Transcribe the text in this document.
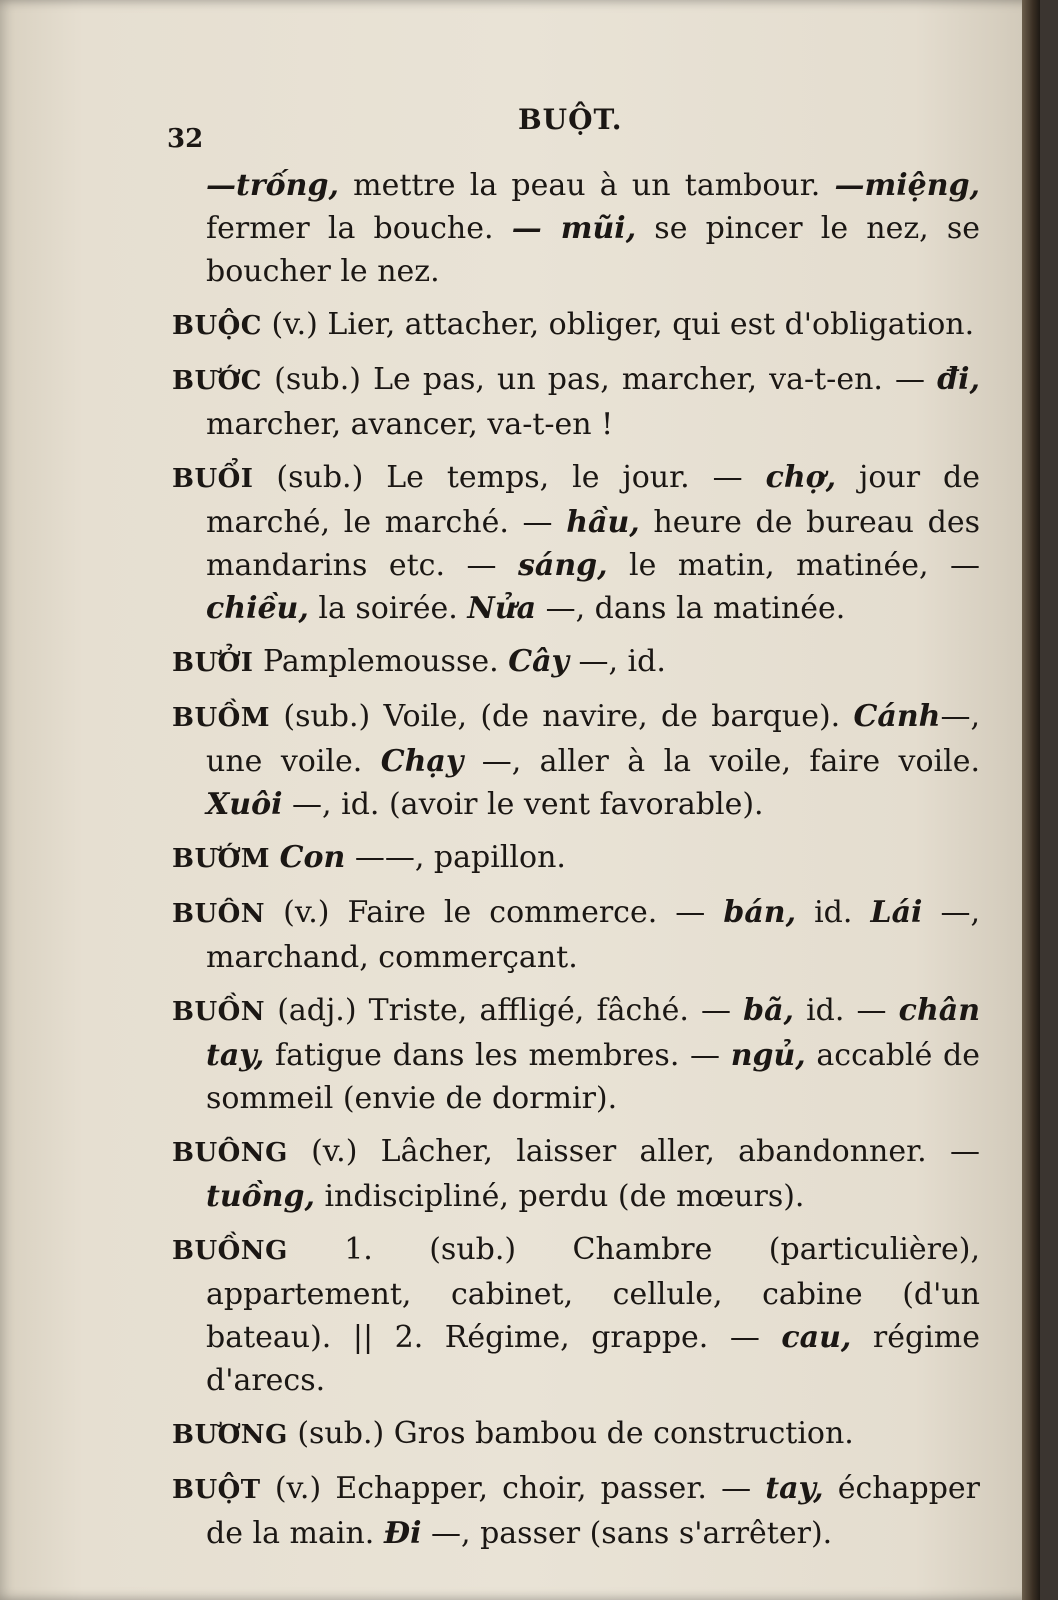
32
BUỘT.
—trống, mettre la peau à un tambour. —miệng, fermer la bouche. — mũi, se pincer le nez, se boucher le nez.
BUỘC (v.) Lier, attacher, obliger, qui est d'obligation.
BƯỚC (sub.) Le pas, un pas, marcher, va-t-en. — đi, marcher, avancer, va-t-en !
BUỔI (sub.) Le temps, le jour. — chợ, jour de marché, le marché. — hầu, heure de bureau des mandarins etc. — sáng, le matin, matinée, — chiều, la soirée. Nửa —, dans la matinée.
BƯỞI Pamplemousse. Cây —, id.
BUỒM (sub.) Voile, (de navire, de barque). Cánh—, une voile. Chạy —, aller à la voile, faire voile. Xuôi —, id. (avoir le vent favorable).
BƯỚM Con ——, papillon.
BUÔN (v.) Faire le commerce. — bán, id. Lái —, marchand, commerçant.
BUỒN (adj.) Triste, affligé, fâché. — bã, id. — chân tay, fatigue dans les membres. — ngủ, accablé de sommeil (envie de dormir).
BUÔNG (v.) Lâcher, laisser aller, abandonner. — tuồng, indiscipliné, perdu (de mœurs).
BUỒNG 1. (sub.) Chambre (particulière), appartement, cabinet, cellule, cabine (d'un bateau). || 2. Régime, grappe. — cau, régime d'arecs.
BƯƠNG (sub.) Gros bambou de construction.
BUỘT (v.) Echapper, choir, passer. — tay, échapper de la main. Đi —, passer (sans s'arrêter).
